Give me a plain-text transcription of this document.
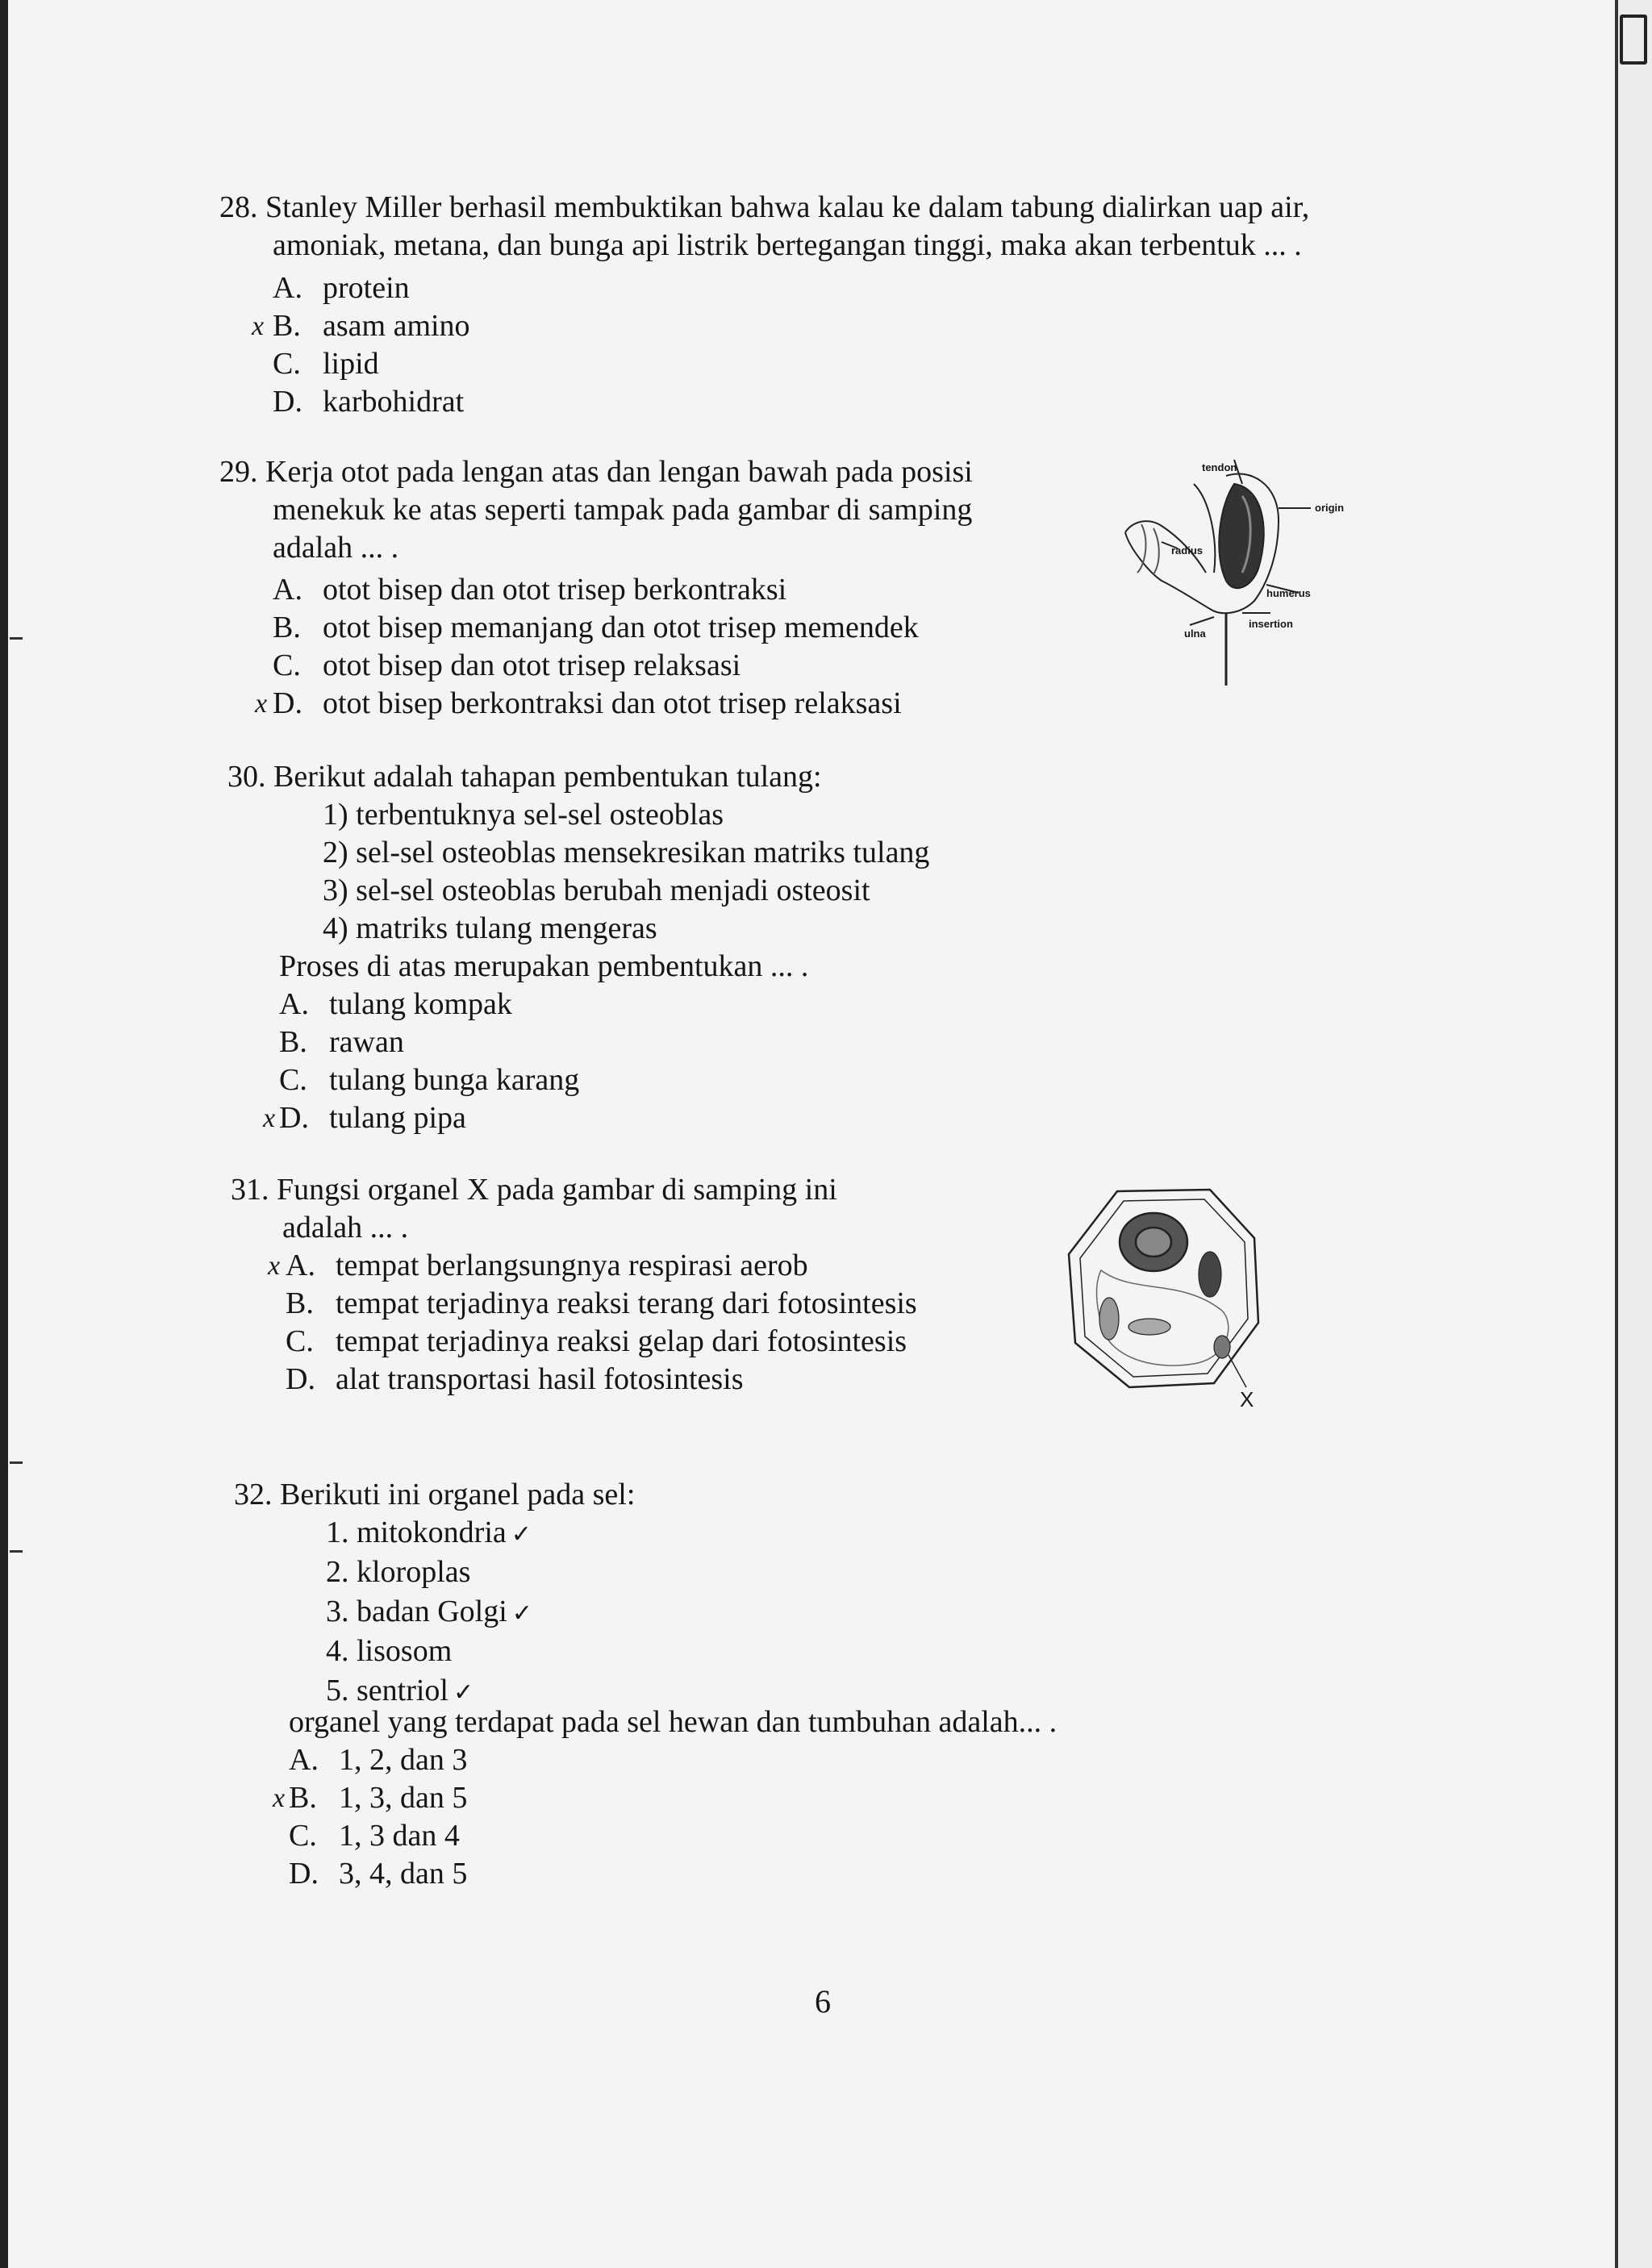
28. Stanley Miller berhasil membuktikan bahwa kalau ke dalam tabung dialirkan uap air,
amoniak, metana, dan bunga api listrik bertegangan tinggi, maka akan terbentuk ... .
A. protein
x B. asam amino
C. lipid
D. karbohidrat
29. Kerja otot pada lengan atas dan lengan bawah pada posisi
menekuk ke atas seperti tampak pada gambar di samping
adalah ... .
A. otot bisep dan otot trisep berkontraksi
B. otot bisep memanjang dan otot trisep memendek
C. otot bisep dan otot trisep relaksasi
x D. otot bisep berkontraksi dan otot trisep relaksasi
tendon
origin
radius
humerus
ulna
insertion
30. Berikut adalah tahapan pembentukan tulang:
1) terbentuknya sel-sel osteoblas
2) sel-sel osteoblas mensekresikan matriks tulang
3) sel-sel osteoblas berubah menjadi osteosit
4) matriks tulang mengeras
Proses di atas merupakan pembentukan ... .
A. tulang kompak
B. rawan
C. tulang bunga karang
x D. tulang pipa
31. Fungsi organel X pada gambar di samping ini
adalah ... .
x A. tempat berlangsungnya respirasi aerob
B. tempat terjadinya reaksi terang dari fotosintesis
C. tempat terjadinya reaksi gelap dari fotosintesis
D. alat transportasi hasil fotosintesis
X
32. Berikuti ini organel pada sel:
1. mitokondria ✓
2. kloroplas
3. badan Golgi ✓
4. lisosom
5. sentriol ✓
organel yang terdapat pada sel hewan dan tumbuhan adalah... .
A. 1, 2, dan 3
x B. 1, 3, dan 5
C. 1, 3 dan 4
D. 3, 4, dan 5
6
